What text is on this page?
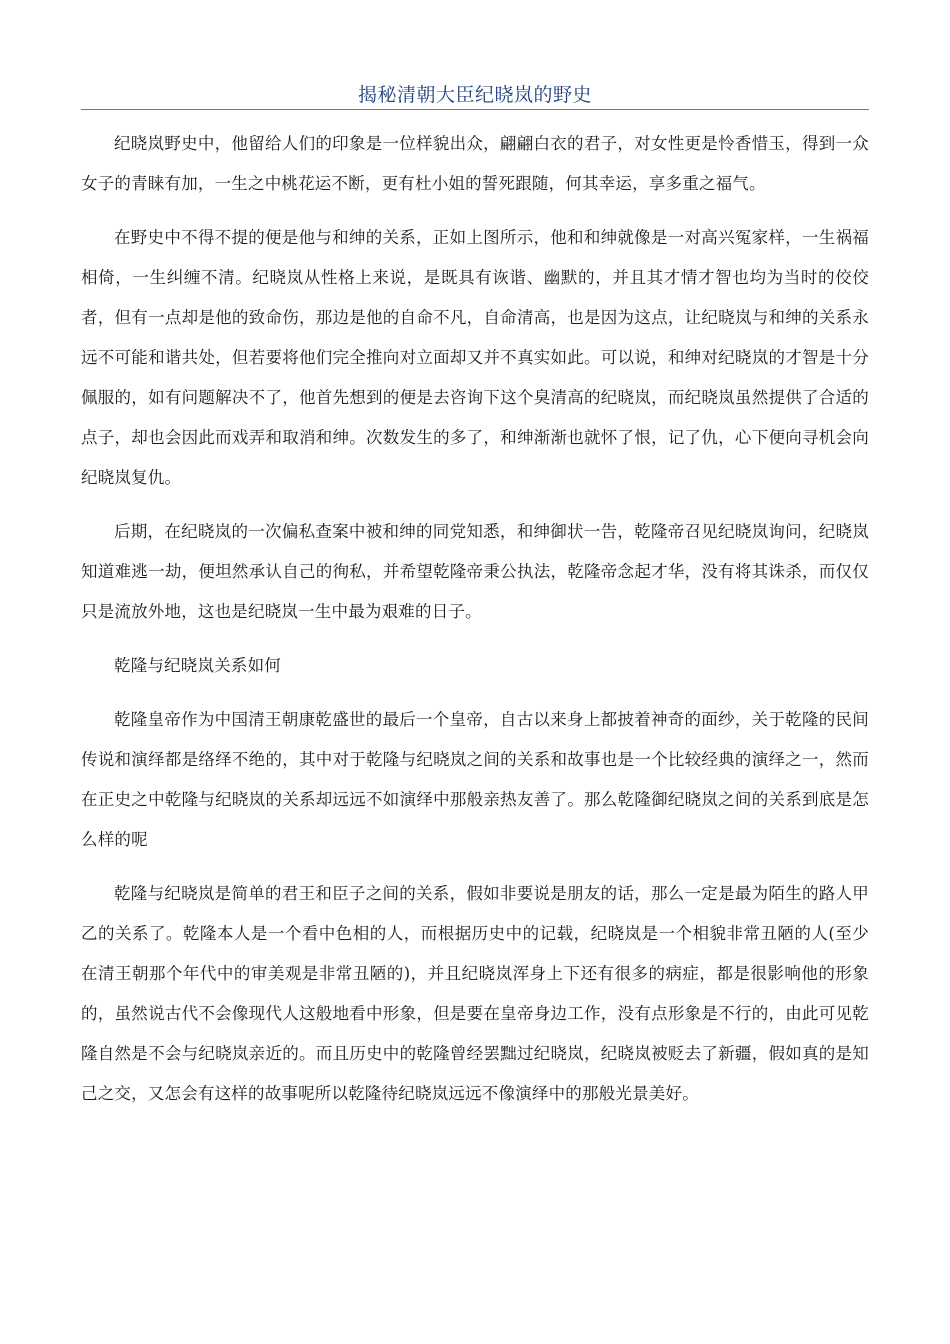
揭秘清朝大臣纪晓岚的野史

纪晓岚野史中，他留给人们的印象是一位样貌出众，翩翩白衣的君子，对女性更是怜香惜玉，得到一众女子的青睐有加，一生之中桃花运不断，更有杜小姐的誓死跟随，何其幸运，享多重之福气。

在野史中不得不提的便是他与和绅的关系，正如上图所示，他和和绅就像是一对高兴冤家样，一生祸福相倚，一生纠缠不清。纪晓岚从性格上来说，是既具有诙谐、幽默的，并且其才情才智也均为当时的佼佼者，但有一点却是他的致命伤，那边是他的自命不凡，自命清高，也是因为这点，让纪晓岚与和绅的关系永远不可能和谐共处，但若要将他们完全推向对立面却又并不真实如此。可以说，和绅对纪晓岚的才智是十分佩服的，如有问题解决不了，他首先想到的便是去咨询下这个臭清高的纪晓岚，而纪晓岚虽然提供了合适的点子，却也会因此而戏弄和取消和绅。次数发生的多了，和绅渐渐也就怀了恨，记了仇，心下便向寻机会向纪晓岚复仇。

后期，在纪晓岚的一次偏私查案中被和绅的同党知悉，和绅御状一告，乾隆帝召见纪晓岚询问，纪晓岚知道难逃一劫，便坦然承认自己的徇私，并希望乾隆帝秉公执法，乾隆帝念起才华，没有将其诛杀，而仅仅只是流放外地，这也是纪晓岚一生中最为艰难的日子。

乾隆与纪晓岚关系如何

乾隆皇帝作为中国清王朝康乾盛世的最后一个皇帝，自古以来身上都披着神奇的面纱，关于乾隆的民间传说和演绎都是络绎不绝的，其中对于乾隆与纪晓岚之间的关系和故事也是一个比较经典的演绎之一，然而在正史之中乾隆与纪晓岚的关系却远远不如演绎中那般亲热友善了。那么乾隆御纪晓岚之间的关系到底是怎么样的呢

乾隆与纪晓岚是简单的君王和臣子之间的关系，假如非要说是朋友的话，那么一定是最为陌生的路人甲乙的关系了。乾隆本人是一个看中色相的人，而根据历史中的记载，纪晓岚是一个相貌非常丑陋的人(至少在清王朝那个年代中的审美观是非常丑陋的)，并且纪晓岚浑身上下还有很多的病症，都是很影响他的形象的，虽然说古代不会像现代人这般地看中形象，但是要在皇帝身边工作，没有点形象是不行的，由此可见乾隆自然是不会与纪晓岚亲近的。而且历史中的乾隆曾经罢黜过纪晓岚，纪晓岚被贬去了新疆，假如真的是知己之交，又怎会有这样的故事呢所以乾隆待纪晓岚远远不像演绎中的那般光景美好。
